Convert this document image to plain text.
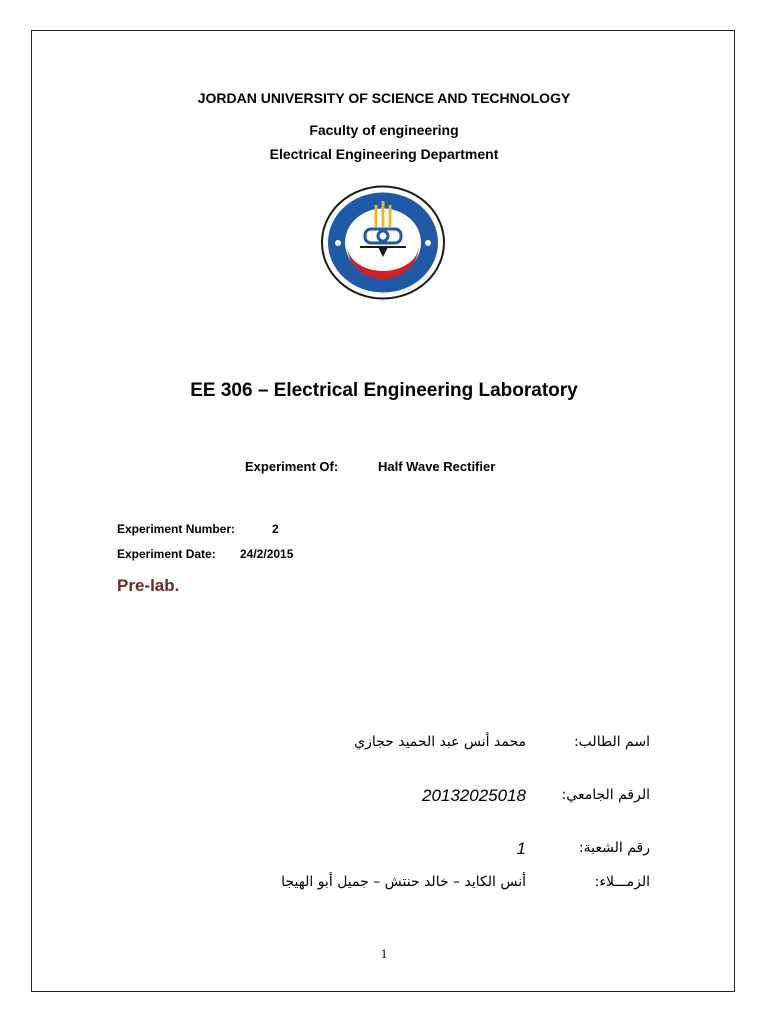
JORDAN UNIVERSITY OF SCIENCE AND TECHNOLOGY
Faculty of engineering
Electrical Engineering Department
EE 306 – Electrical Engineering Laboratory
Experiment Of:	Half Wave Rectifier
Experiment Number:	2
Experiment Date: 24/2/2015
Pre-lab.
اسم الطالب:
محمد أنس عبد الحميد حجازي
الرقم الجامعي:
20132025018
رقم الشعبة:
1
الزمـــلاء:
أنس الكايد – خالد حنتش – جميل أبو الهيجا
1
